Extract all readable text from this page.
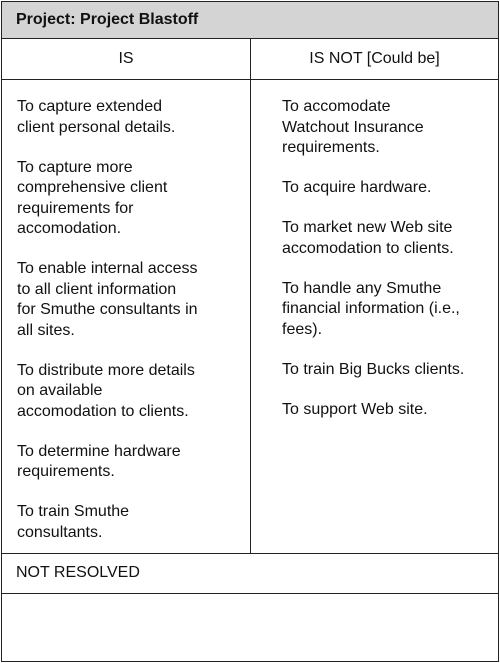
Project: Project Blastoff
IS	IS NOT [Could be]
To capture extended
client personal details.
To capture more
comprehensive client
requirements for
accomodation.
To enable internal access
to all client information
for Smuthe consultants in
all sites.
To distribute more details
on available
accomodation to clients.
To determine hardware
requirements.
To train Smuthe
consultants.
To accomodate
Watchout Insurance
requirements.
To acquire hardware.
To market new Web site
accomodation to clients.
To handle any Smuthe
financial information (i.e.,
fees).
To train Big Bucks clients.
To support Web site.
NOT RESOLVED
